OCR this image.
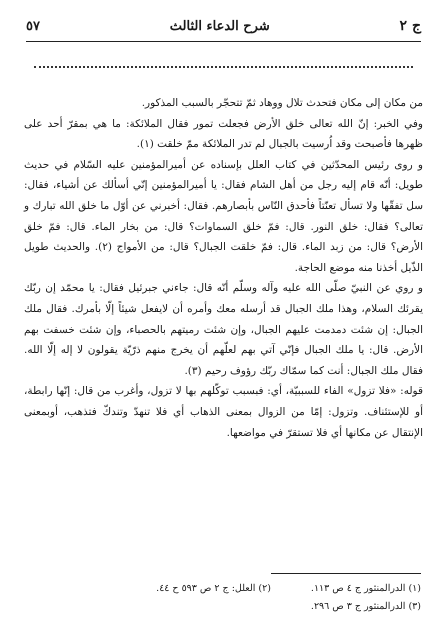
ج ٢
شرح الدعاء الثالث
٥٧

من مكان إلى مكان فتحدث تلال ووهاد ثمّ تتحجّر بالسبب المذكور.

وفي الخبر: إنّ الله تعالى خلق الأرض فجعلت تمور فقال الملائكة: ما هي بمقرّ أحد على ظهرها فأصبحت وقد اُرسيت بالجبال لم تدر الملائكة ممّ خلقت (١).

و روى رئيس المحدّثين في كتاب العلل بإسناده عن أميرالمؤمنين عليه السّلام في حديث طويل: أنّه قام إليه رجل من أهل الشام فقال: يا أميرالمؤمنين إنّي أسألك عن أشياء، فقال: سل تفقّها ولا تسأل تعنّتاً فأحدق النّاس بأبصارهم. فقال: أخبرني عن أوّل ما خلق الله تبارك و تعالى؟ فقال: خلق النور. قال: فمّ خلق السماوات؟ قال: من بخار الماء. قال: فمّ خلق الأرض؟ قال: من زبد الماء. قال: فمّ خلقت الجبال؟ قال: من الأمواج (٢). والحديث طويل الذّيل أخذنا منه موضع الحاجة.

و روي عن النبيّ صلّى الله عليه وآله وسلّم أنّه قال: جاءني جبرئيل فقال: يا محمّد إن ربّك يقرئك السلام، وهذا ملك الجبال قد أرسله معك وأمره أن لايفعل شيئاً إلّا بأمرك. فقال ملك الجبال: إن شئت دمدمت عليهم الجبال، وإن شئت رميتهم بالحصباء، وإن شئت خسفت بهم الأرض. قال: يا ملك الجبال فإنّي آتي بهم لعلّهم أن يخرج منهم ذرّيّة يقولون لا إله إلّا الله. فقال ملك الجبال: أنت كما سمّاك ربّك رؤوف رحيم (٣).

قوله: «فلا تزول» الفاء للسببيّة، أي: فبسبب توكّلهم بها لا تزول، وأغرب من قال: إنّها رابطة، أو للإستئناف. وتزول: إمّا من الزوال بمعنى الذهاب أي فلا تنهدّ وتندكّ فتذهب، أوبمعنى الإنتقال عن مكانها أي فلا تستقرّ في مواضعها.

(١) الدرالمنثور ج ٤ ص ١١٣.
(٢) العلل: ج ٢ ص ٥٩٣ ح ٤٤.
(٣) الدرالمنثور ج ٣ ص ٢٩٦.
